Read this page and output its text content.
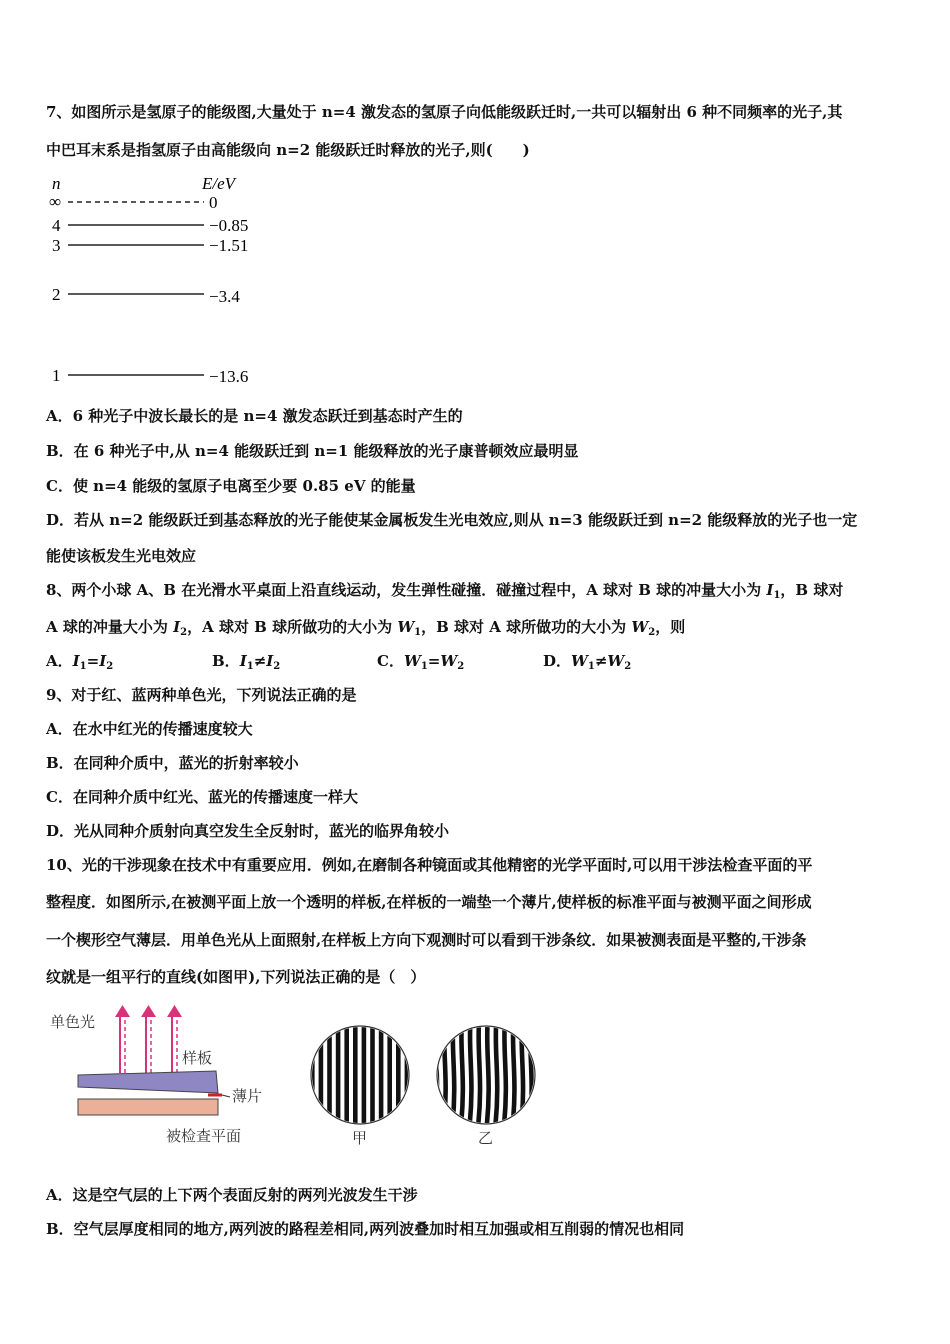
7、如图所示是氢原子的能级图,大量处于 n=4 激发态的氢原子向低能级跃迁时,一共可以辐射出 6 种不同频率的光子,其
中巴耳末系是指氢原子由高能级向 n=2 能级跃迁时释放的光子,则(　　)
n	E/eV
∞	0
4	−0.85
3	−1.51
2	−3.4
1	−13.6
A．6 种光子中波长最长的是 n=4 激发态跃迁到基态时产生的
B．在 6 种光子中,从 n=4 能级跃迁到 n=1 能级释放的光子康普顿效应最明显
C．使 n=4 能级的氢原子电离至少要 0.85 eV 的能量
D．若从 n=2 能级跃迁到基态释放的光子能使某金属板发生光电效应,则从 n=3 能级跃迁到 n=2 能级释放的光子也一定
能使该板发生光电效应
8、两个小球 A、B 在光滑水平桌面上沿直线运动，发生弹性碰撞．碰撞过程中，A 球对 B 球的冲量大小为 $I_1$，B 球对
A 球的冲量大小为 $I_2$，A 球对 B 球所做功的大小为 $W_1$，B 球对 A 球所做功的大小为 $W_2$，则
A．$I_1=I_2$	B．$I_1\ne I_2$	C．$W_1=W_2$	D．$W_1\ne W_2$
9、对于红、蓝两种单色光，下列说法正确的是
A．在水中红光的传播速度较大
B．在同种介质中，蓝光的折射率较小
C．在同种介质中红光、蓝光的传播速度一样大
D．光从同种介质射向真空发生全反射时，蓝光的临界角较小
10、光的干涉现象在技术中有重要应用．例如,在磨制各种镜面或其他精密的光学平面时,可以用干涉法检查平面的平
整程度．如图所示,在被测平面上放一个透明的样板,在样板的一端垫一个薄片,使样板的标准平面与被测平面之间形成
一个楔形空气薄层．用单色光从上面照射,在样板上方向下观测时可以看到干涉条纹．如果被测表面是平整的,干涉条
纹就是一组平行的直线(如图甲),下列说法正确的是（　）
单色光
样板
薄片
被检查平面	甲	乙
A．这是空气层的上下两个表面反射的两列光波发生干涉
B．空气层厚度相同的地方,两列波的路程差相同,两列波叠加时相互加强或相互削弱的情况也相同
